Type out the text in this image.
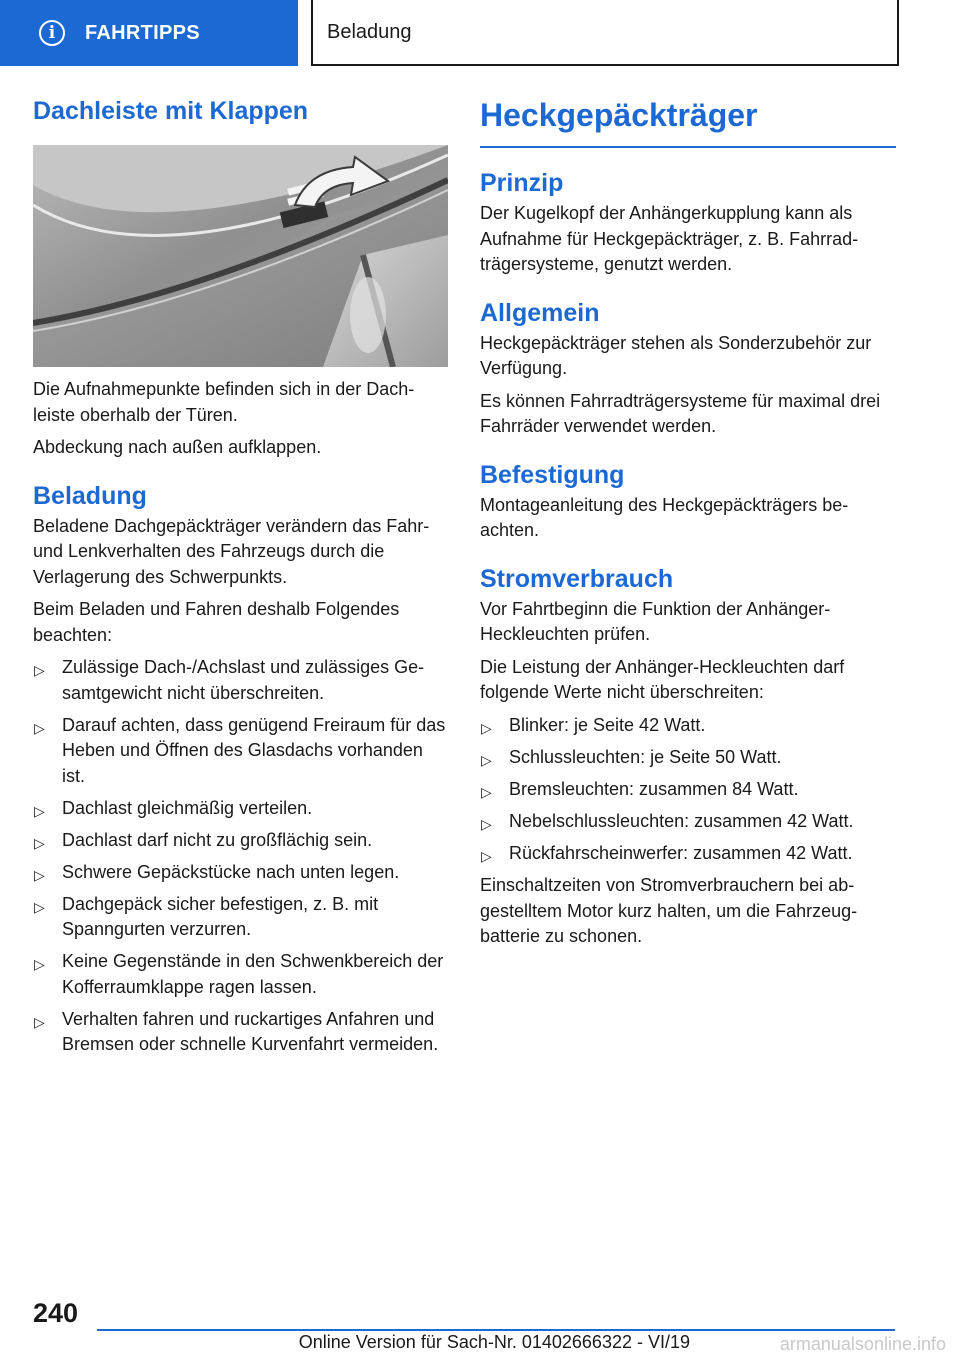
i	FAHRTIPPS	Beladung
Dachleiste mit Klappen

Die Aufnahmepunkte befinden sich in der Dachleiste oberhalb der Türen.

Abdeckung nach außen aufklappen.

Beladung

Beladene Dachgepäckträger verändern das Fahr- und Lenkverhalten des Fahrzeugs durch die Verlagerung des Schwerpunkts.

Beim Beladen und Fahren deshalb Folgendes beachten:

▷ Zulässige Dach-/Achslast und zulässiges Gesamtgewicht nicht überschreiten.
▷ Darauf achten, dass genügend Freiraum für das Heben und Öffnen des Glasdachs vorhanden ist.
▷ Dachlast gleichmäßig verteilen.
▷ Dachlast darf nicht zu großflächig sein.
▷ Schwere Gepäckstücke nach unten legen.
▷ Dachgepäck sicher befestigen, z. B. mit Spanngurten verzurren.
▷ Keine Gegenstände in den Schwenkbereich der Kofferraumklappe ragen lassen.
▷ Verhalten fahren und ruckartiges Anfahren und Bremsen oder schnelle Kurvenfahrt vermeiden.
Heckgepäckträger
Prinzip

Der Kugelkopf der Anhängerkupplung kann als Aufnahme für Heckgepäckträger, z. B. Fahrradträgersysteme, genutzt werden.

Allgemein

Heckgepäckträger stehen als Sonderzubehör zur Verfügung.

Es können Fahrradträgersysteme für maximal drei Fahrräder verwendet werden.

Befestigung

Montageanleitung des Heckgepäckträgers beachten.

Stromverbrauch

Vor Fahrtbeginn die Funktion der Anhänger-Heckleuchten prüfen.

Die Leistung der Anhänger-Heckleuchten darf folgende Werte nicht überschreiten:

▷ Blinker: je Seite 42 Watt.
▷ Schlussleuchten: je Seite 50 Watt.
▷ Bremsleuchten: zusammen 84 Watt.
▷ Nebelschlussleuchten: zusammen 42 Watt.
▷ Rückfahrscheinwerfer: zusammen 42 Watt.

Einschaltzeiten von Stromverbrauchern bei abgestelltem Motor kurz halten, um die Fahrzeugbatterie zu schonen.

240
Online Version für Sach-Nr. 01402666322 - VI/19	armanualsonline.info
